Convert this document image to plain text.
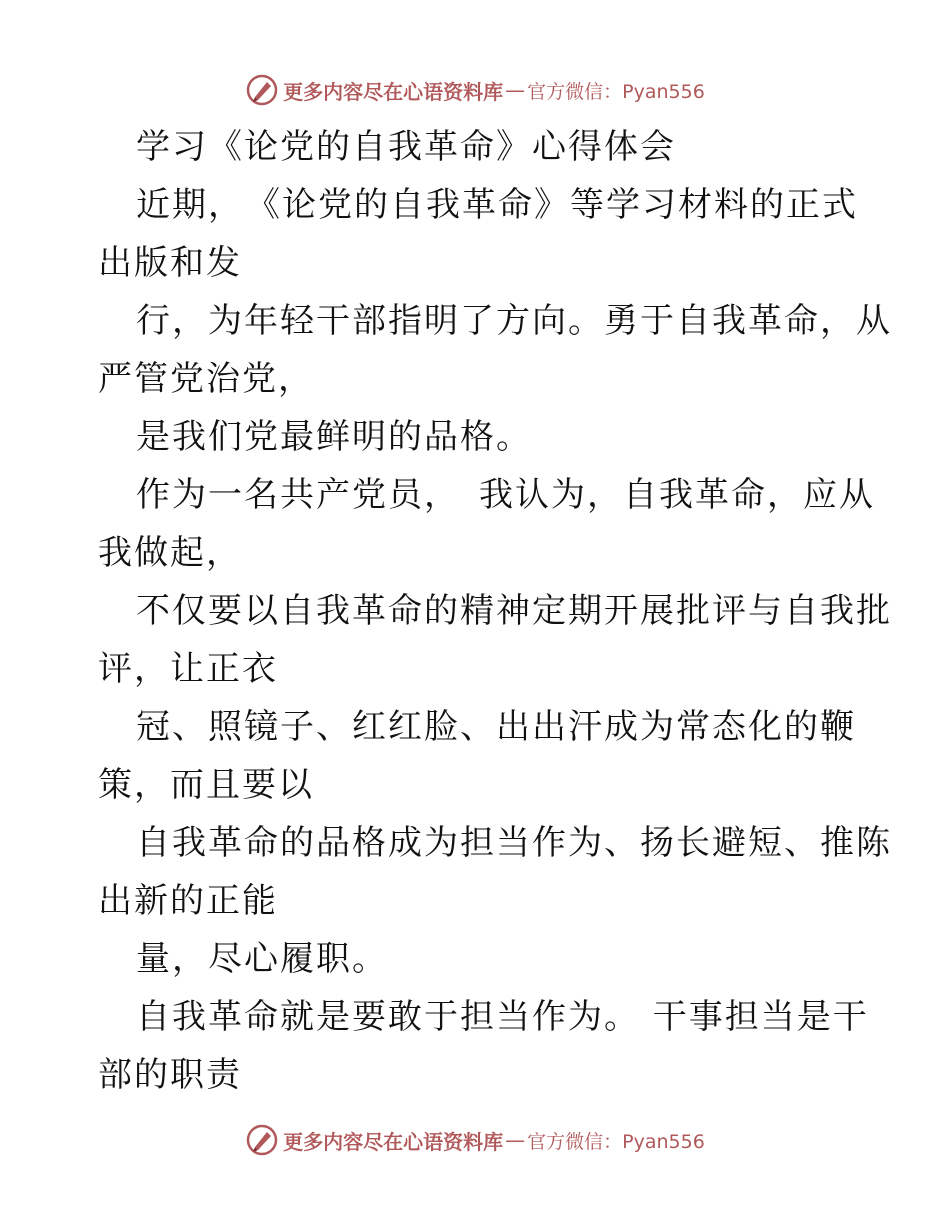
更多内容尽在心语资料库 — 官方微信：Pyan556
学习《论党的自我革命》心得体会
近期，　《论党的自我革命》等学习材料的正式
出版和发
行，为年轻干部指明了方向。勇于自我革命，从
严管党治党，
是我们党最鲜明的品格。
作为一名共产党员，　我认为，自我革命，应从
我做起，
不仅要以自我革命的精神定期开展批评与自我批
评，让正衣
冠、照镜子、红红脸、出出汗成为常态化的鞭
策，而且要以
自我革命的品格成为担当作为、扬长避短、推陈
出新的正能
量，尽心履职。
自我革命就是要敢于担当作为。 干事担当是干
部的职责
更多内容尽在心语资料库 — 官方微信：Pyan556
